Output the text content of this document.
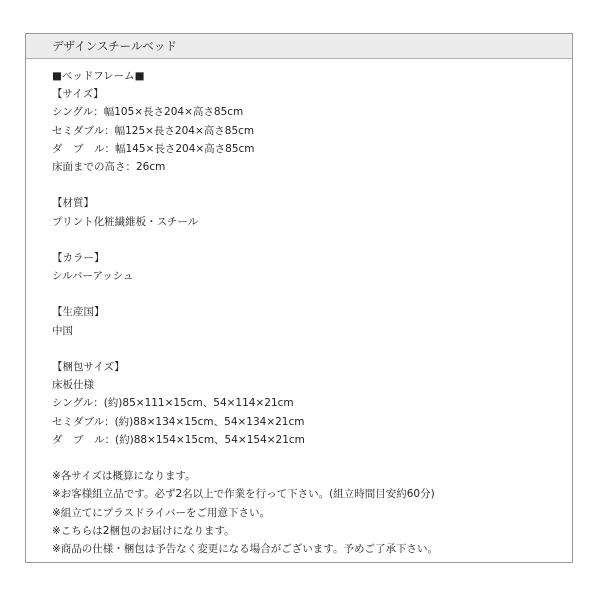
デザインスチールベッド
■ベッドフレーム■
【サイズ】
シングル：幅105×長さ204×高さ85cm
セミダブル：幅125×長さ204×高さ85cm
ダ　ブ　ル：幅145×長さ204×高さ85cm
床面までの高さ：26cm
【材質】
プリント化粧繊維板・スチール
【カラー】
シルバーアッシュ
【生産国】
中国
【梱包サイズ】
床板仕様
シングル：(約)85×111×15cm、54×114×21cm
セミダブル：(約)88×134×15cm、54×134×21cm
ダ　ブ　ル：(約)88×154×15cm、54×154×21cm
※各サイズは概算になります。
※お客様組立品です。必ず2名以上で作業を行って下さい。(組立時間目安約60分)
※組立てにプラスドライバーをご用意下さい。
※こちらは2梱包のお届けになります。
※商品の仕様・梱包は予告なく変更になる場合がございます。予めご了承下さい。
